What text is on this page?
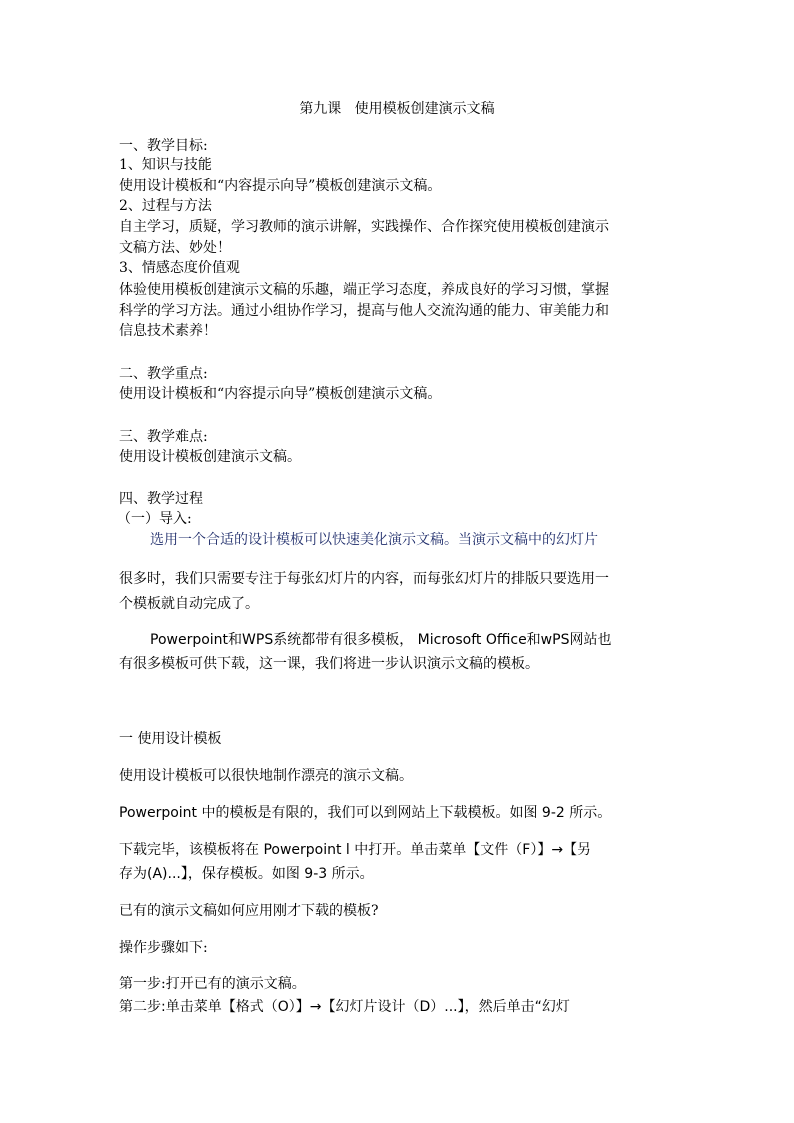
第九课   使用模板创建演示文稿
一、教学目标:
1、知识与技能
使用设计模板和“内容提示向导”模板创建演示文稿。
2、过程与方法
自主学习，质疑，学习教师的演示讲解，实践操作、合作探究使用模板创建演示
文稿方法、妙处！
3、情感态度价值观
体验使用模板创建演示文稿的乐趣，端正学习态度，养成良好的学习习惯，掌握
科学的学习方法。通过小组协作学习，提高与他人交流沟通的能力、审美能力和
信息技术素养！
二、教学重点:
使用设计模板和“内容提示向导”模板创建演示文稿。
三、教学难点:
使用设计模板创建演示文稿。
四、教学过程
（一）导入:
选用一个合适的设计模板可以快速美化演示文稿。当演示文稿中的幻灯片
很多时，我们只需要专注于每张幻灯片的内容，而每张幻灯片的排版只要选用一
个模板就自动完成了。
Powerpoint和WPS系统都带有很多模板， Microsoft Office和wPS网站也
有很多模板可供下载，这一课，我们将进一步认识演示文稿的模板。
一 使用设计模板
使用设计模板可以很快地制作漂亮的演示文稿。
Powerpoint 中的模板是有限的，我们可以到网站上下载模板。如图 9-2 所示。
下载完毕，该模板将在 Powerpoint l 中打开。单击菜单【文件（F）】→【另
存为(A)...】，保存模板。如图 9-3 所示。
已有的演示文稿如何应用刚才下载的模板?
操作步骤如下:
第一步:打开已有的演示文稿。
第二步:单击菜单【格式（O）】→【幻灯片设计（D）...】，然后单击“幻灯
